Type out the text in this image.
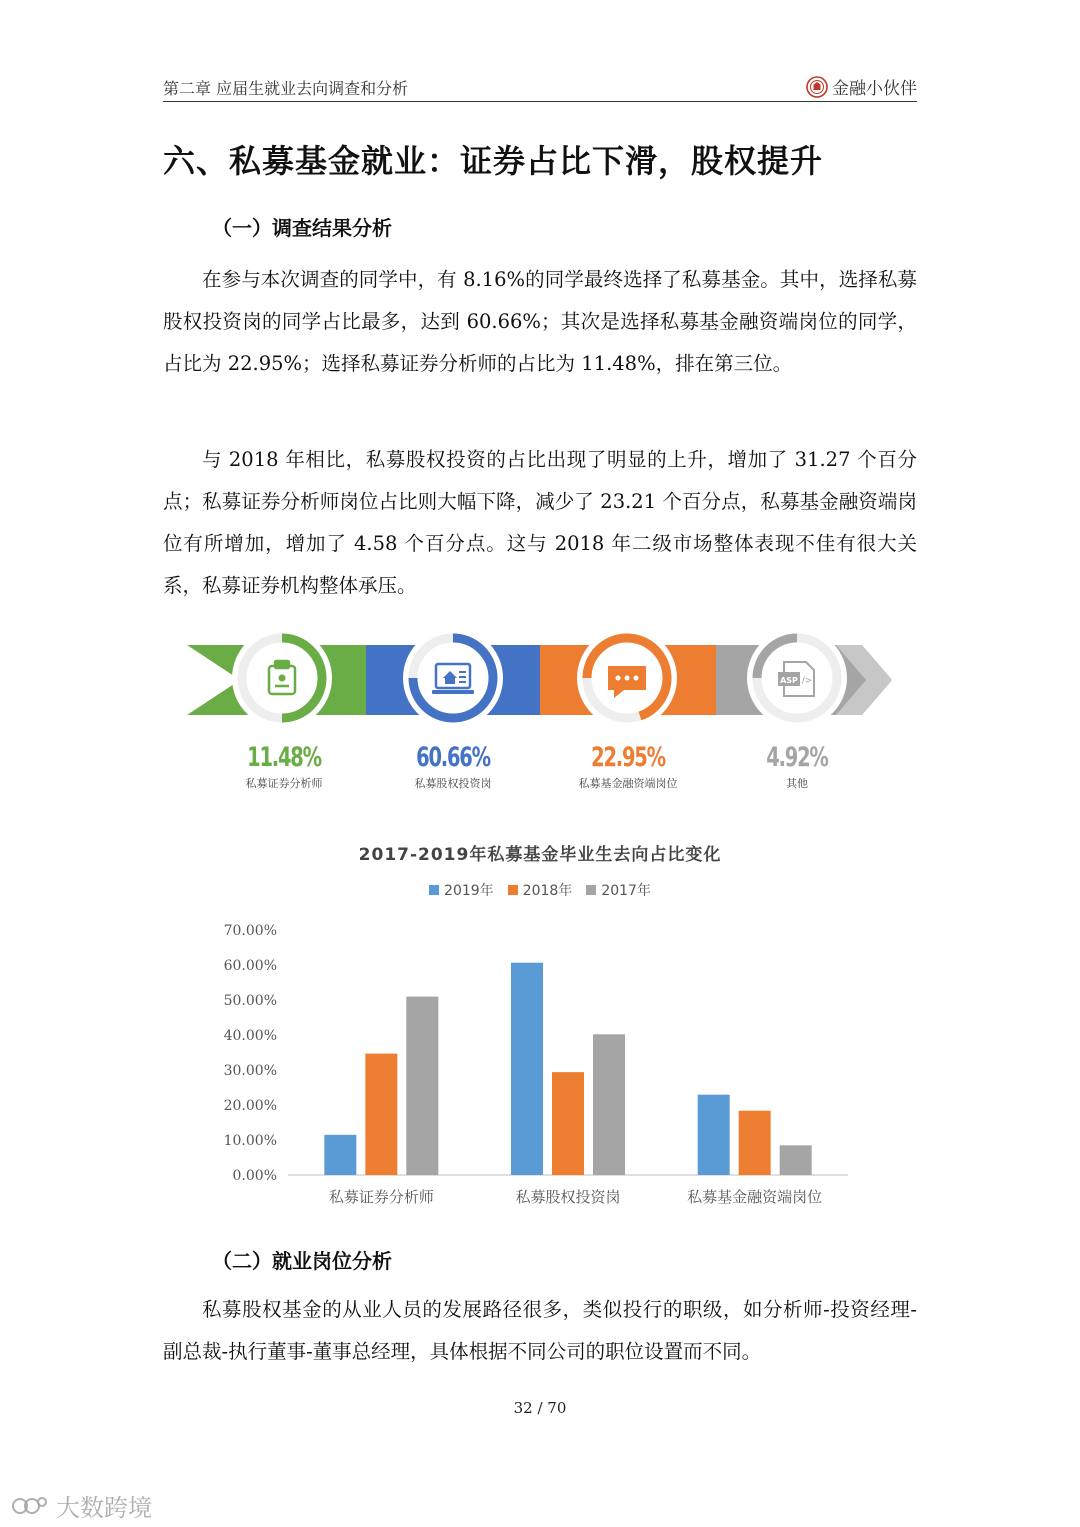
第二章 应届生就业去向调查和分析	金融小伙伴
六、私募基金就业：证券占比下滑，股权提升
（一）调查结果分析

在参与本次调查的同学中，有 8.16%的同学最终选择了私募基金。其中，选择私募股权投资岗的同学占比最多，达到 60.66%；其次是选择私募基金融资端岗位的同学，占比为 22.95%；选择私募证券分析师的占比为 11.48%，排在第三位。

与 2018 年相比，私募股权投资的占比出现了明显的上升，增加了 31.27 个百分点；私募证券分析师岗位占比则大幅下降，减少了 23.21 个百分点，私募基金融资端岗位有所增加，增加了 4.58 个百分点。这与 2018 年二级市场整体表现不佳有很大关系，私募证券机构整体承压。

ASP />
11.48%
私募证券分析师
60.66%
私募股权投资岗
22.95%
私募基金融资端岗位
4.92%
其他
2017-2019年私募基金毕业生去向占比变化
2019年 2018年 2017年
0.00%
10.00%
20.00%
30.00%
40.00%
50.00%
60.00%
70.00%
私募证券分析师	私募股权投资岗	私募基金融资端岗位
（二）就业岗位分析

私募股权基金的从业人员的发展路径很多，类似投行的职级，如分析师-投资经理-副总裁-执行董事-董事总经理，具体根据不同公司的职位设置而不同。

32 / 70
大数跨境
